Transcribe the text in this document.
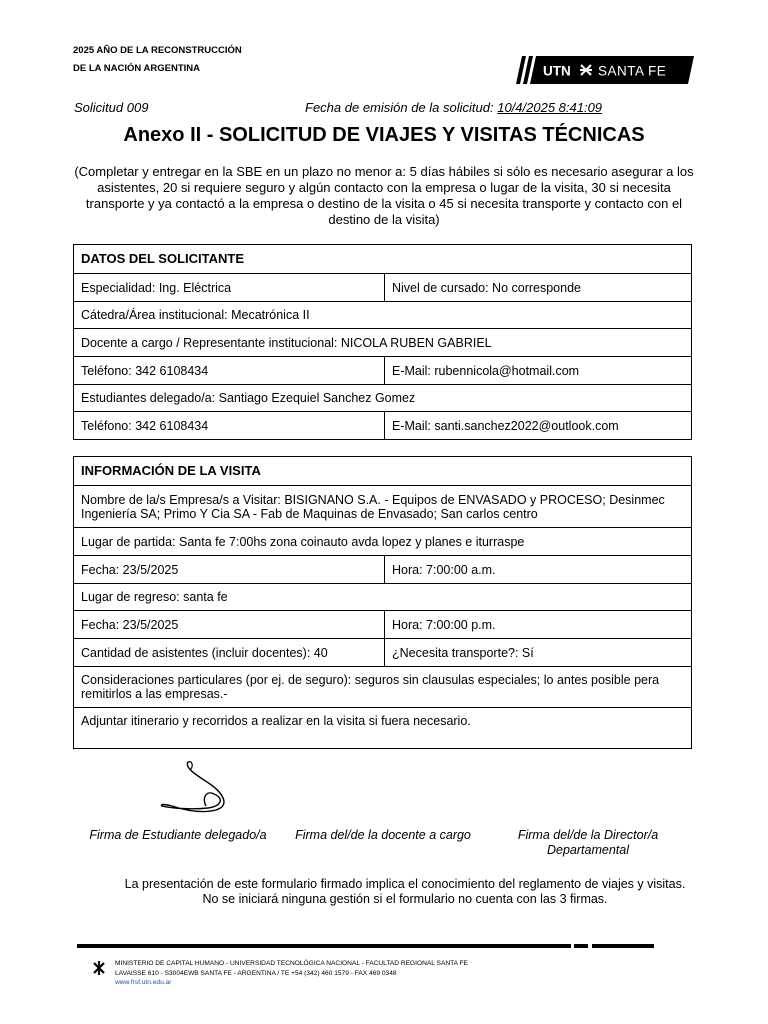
2025 AÑO DE LA RECONSTRUCCIÓN
DE LA NACIÓN ARGENTINA	UTN SANTA FE
Solicitud 009	Fecha de emisión de la solicitud: 10/4/2025 8:41:09
Anexo II - SOLICITUD DE VIAJES Y VISITAS TÉCNICAS
(Completar y entregar en la SBE en un plazo no menor a: 5 días hábiles si sólo es necesario asegurar a los asistentes, 20 si requiere seguro y algún contacto con la empresa o lugar de la visita, 30 si necesita transporte y ya contactó a la empresa o destino de la visita o 45 si necesita transporte y contacto con el destino de la visita)
DATOS DEL SOLICITANTE	
Especialidad: Ing. Eléctrica	Nivel de cursado: No corresponde
Cátedra/Área institucional: Mecatrónica II	
Docente a cargo / Representante institucional: NICOLA RUBEN GABRIEL	
Teléfono: 342 6108434	E-Mail: rubennicola@hotmail.com
Estudiantes delegado/a: Santiago Ezequiel Sanchez Gomez	
Teléfono: 342 6108434	E-Mail: santi.sanchez2022@outlook.com
INFORMACIÓN DE LA VISITA	
Nombre de la/s Empresa/s a Visitar: BISIGNANO S.A. - Equipos de ENVASADO y PROCESO; Desinmec Ingeniería SA; Primo Y Cia SA - Fab de Maquinas de Envasado; San carlos centro	
Lugar de partida: Santa fe 7:00hs zona coinauto avda lopez y planes e iturraspe	
Fecha: 23/5/2025	Hora: 7:00:00 a.m.
Lugar de regreso: santa fe	
Fecha: 23/5/2025	Hora: 7:00:00 p.m.
Cantidad de asistentes (incluir docentes): 40	¿Necesita transporte?: Sí
Consideraciones particulares (por ej. de seguro): seguros sin clausulas especiales; lo antes posible pera remitirlos a las empresas.-	
Adjuntar itinerario y recorridos a realizar en la visita si fuera necesario.	
Firma de Estudiante delegado/a	Firma del/de la docente a cargo	Firma del/de la Director/a Departamental
La presentación de este formulario firmado implica el conocimiento del reglamento de viajes y visitas.
No se iniciará ninguna gestión si el formulario no cuenta con las 3 firmas.
MINISTERIO DE CAPITAL HUMANO - UNIVERSIDAD TECNOLÓGICA NACIONAL - FACULTAD REGIONAL SANTA FE
LAVAISSE 610 - S3004EWB SANTA FE - ARGENTINA / TE +54 (342) 460 1579 - FAX 469 0348
www.frsf.utn.edu.ar
